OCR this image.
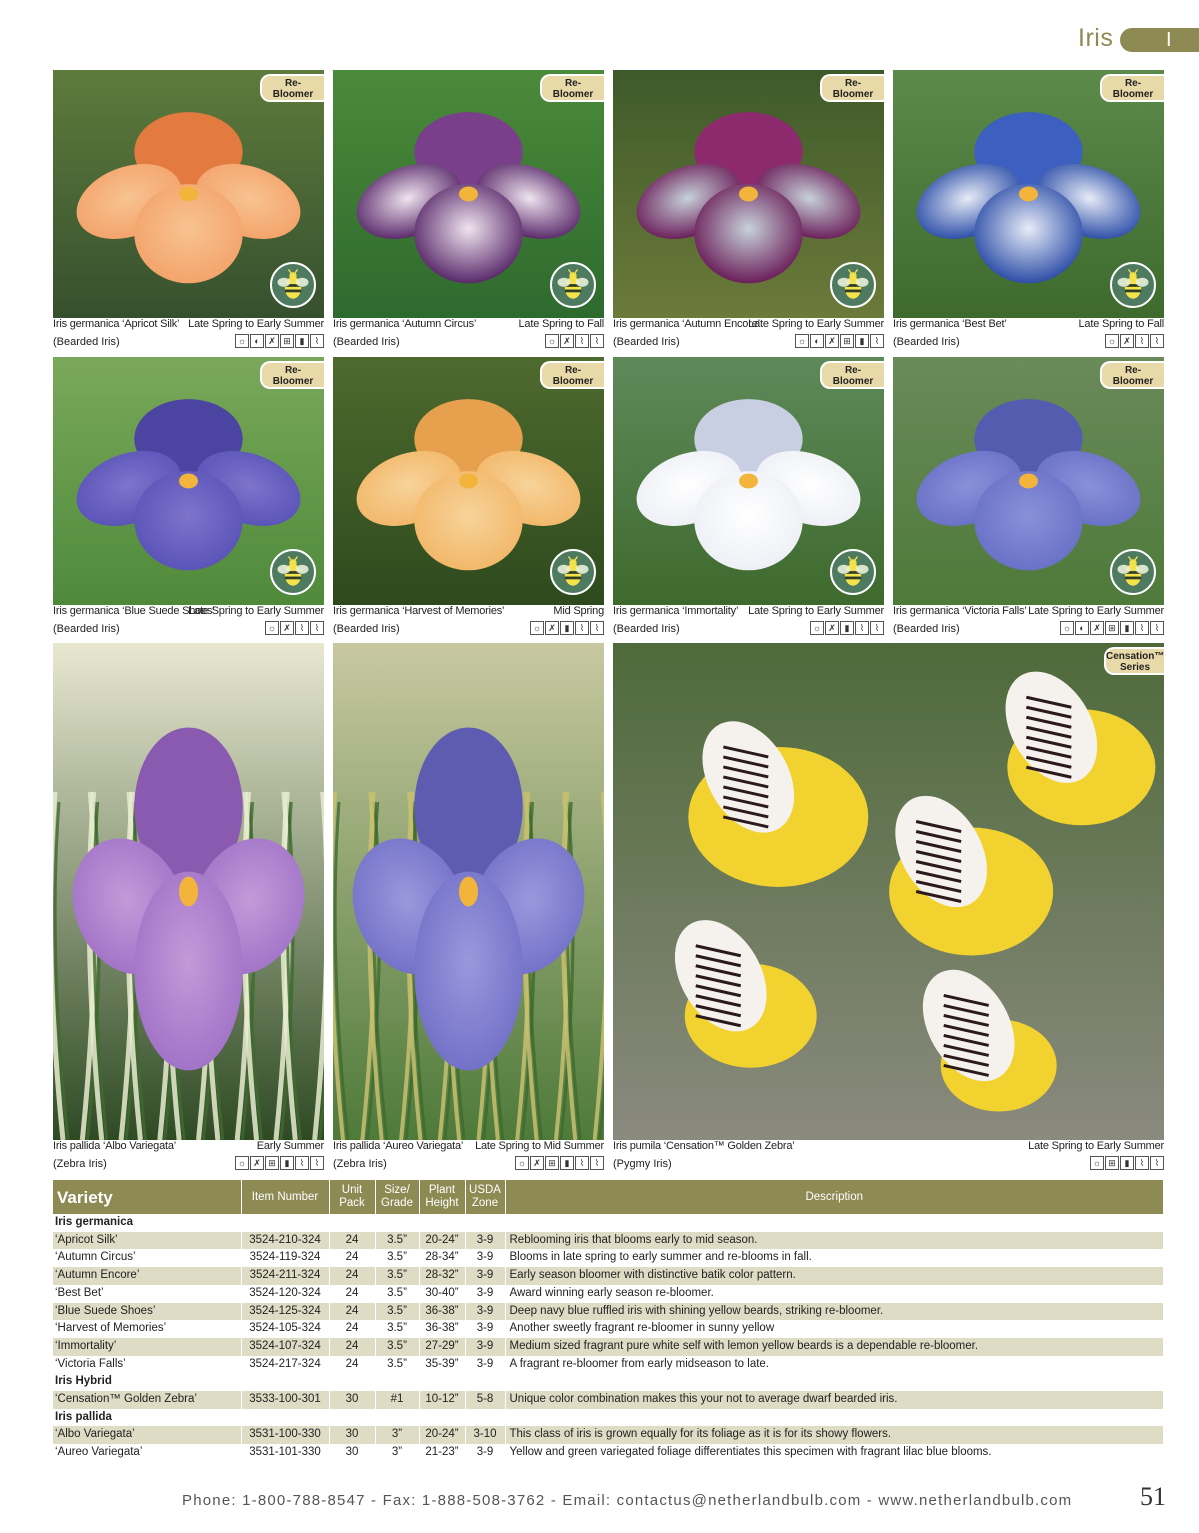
Iris	I
Re-
Bloomer
Iris germanica ‘Apricot Silk’ Late Spring to Early Summer
(Bearded Iris)	☼ ◐ ✗ ⊞ ▮	⌇
Re-
Bloomer
Iris germanica ‘Autumn Circus’	Late Spring to Fall
(Bearded Iris)	☼ ✗	⌇	⌇
Re-
Bloomer
Iris germanica ‘Autumn Encore’
Late Spring to Early Summer
(Bearded Iris)	☼ ◐ ✗ ⊞ ▮	⌇
Re-
Bloomer
Iris germanica ‘Best Bet’	Late Spring to Fall
(Bearded Iris)	☼ ✗	⌇	⌇
Re-
Bloomer
Iris germanica ‘Blue Suede Shoes’
Late Spring to Early Summer
(Bearded Iris)	☼ ✗	⌇	⌇
Re-
Bloomer
Iris germanica ‘Harvest of Memories’	Mid Spring
(Bearded Iris)	☼ ✗ ▮	⌇	⌇
Re-
Bloomer
Iris germanica ‘Immortality’ Late Spring to Early Summer
(Bearded Iris)	☼ ✗ ▮	⌇	⌇
Re-
Bloomer
Iris germanica ‘Victoria Falls’ Late Spring to Early Summer
(Bearded Iris)	☼ ◐ ✗ ⊞ ▮	⌇	⌇
Iris pallida ‘Albo Variegata’	Early Summer
(Zebra Iris)	☼ ✗ ⊞ ▮	⌇	⌇
Iris pallida ‘Aureo Variegata’ Late Spring to Mid Summer
(Zebra Iris)	☼ ✗ ⊞ ▮	⌇	⌇
Censation™
Series
Iris pumila ‘Censation™ Golden Zebra’	Late Spring to Early Summer
(Pygmy Iris)	☼ ⊞ ▮	⌇	⌇
Variety	Item Number	Unit Pack	Size/ Grade	Plant Height	USDA Zone	Description
Iris germanica						
‘Apricot Silk’	3524-210-324	24	3.5”	20-24”	3-9	Reblooming iris that blooms early to mid season.
‘Autumn Circus’	3524-119-324	24	3.5”	28-34”	3-9	Blooms in late spring to early summer and re-blooms in fall.
‘Autumn Encore’	3524-211-324	24	3.5”	28-32”	3-9	Early season bloomer with distinctive batik color pattern.
‘Best Bet’	3524-120-324	24	3.5”	30-40”	3-9	Award winning early season re-bloomer.
‘Blue Suede Shoes’	3524-125-324	24	3.5”	36-38”	3-9	Deep navy blue ruffled iris with shining yellow beards, striking re-bloomer.
‘Harvest of Memories’	3524-105-324	24	3.5”	36-38”	3-9	Another sweetly fragrant re-bloomer in sunny yellow
‘Immortality’	3524-107-324	24	3.5”	27-29”	3-9	Medium sized fragrant pure white self with lemon yellow beards is a dependable re-bloomer.
‘Victoria Falls’	3524-217-324	24	3.5”	35-39”	3-9	A fragrant re-bloomer from early midseason to late.
Iris Hybrid						
‘Censation™ Golden Zebra’	3533-100-301	30	#1	10-12”	5-8	Unique color combination makes this your not to average dwarf bearded iris.
Iris pallida						
‘Albo Variegata’	3531-100-330	30	3”	20-24”	3-10	This class of iris is grown equally for its foliage as it is for its showy flowers.
‘Aureo Variegata’	3531-101-330	30	3”	21-23”	3-9	Yellow and green variegated foliage differentiates this specimen with fragrant lilac blue blooms.
Phone: 1-800-788-8547 - Fax: 1-888-508-3762 - Email: contactus@netherlandbulb.com - www.netherlandbulb.com	51
